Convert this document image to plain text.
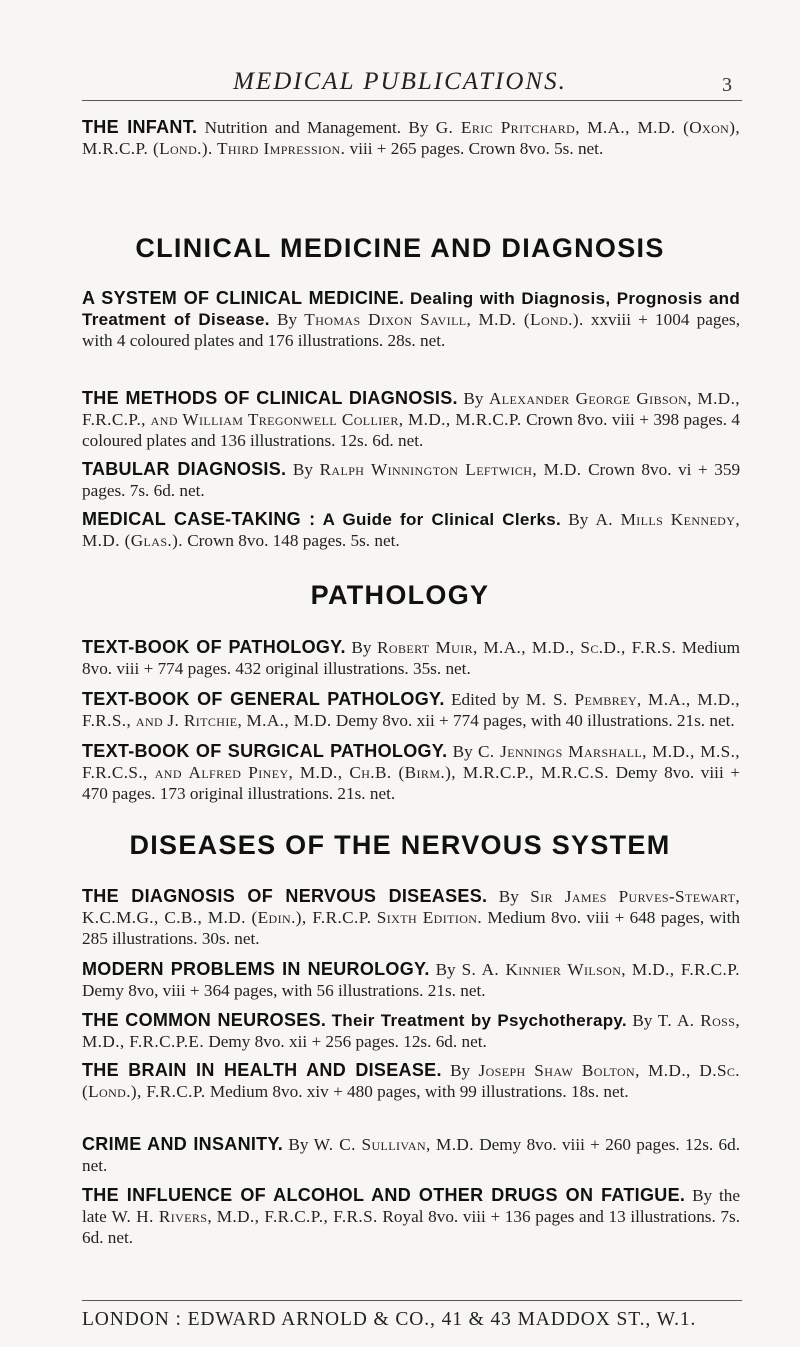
MEDICAL PUBLICATIONS.	3
THE INFANT. Nutrition and Management. By G. Eric Pritchard, M.A., M.D. (Oxon), M.R.C.P. (Lond.). Third Impression. viii + 265 pages. Crown 8vo. 5s. net.
CLINICAL MEDICINE AND DIAGNOSIS
A SYSTEM OF CLINICAL MEDICINE. Dealing with Diagnosis, Prognosis and Treatment of Disease. By Thomas Dixon Savill, M.D. (Lond.). xxviii + 1004 pages, with 4 coloured plates and 176 illustrations. 28s. net.
THE METHODS OF CLINICAL DIAGNOSIS. By Alexander George Gibson, M.D., F.R.C.P., and William Tregonwell Collier, M.D., M.R.C.P. Crown 8vo. viii + 398 pages. 4 coloured plates and 136 illustrations. 12s. 6d. net.
TABULAR DIAGNOSIS. By Ralph Winnington Leftwich, M.D. Crown 8vo. vi + 359 pages. 7s. 6d. net.
MEDICAL CASE-TAKING : A Guide for Clinical Clerks. By A. Mills Kennedy, M.D. (Glas.). Crown 8vo. 148 pages. 5s. net.
PATHOLOGY
TEXT-BOOK OF PATHOLOGY. By Robert Muir, M.A., M.D., Sc.D., F.R.S. Medium 8vo. viii + 774 pages. 432 original illustrations. 35s. net.
TEXT-BOOK OF GENERAL PATHOLOGY. Edited by M. S. Pembrey, M.A., M.D., F.R.S., and J. Ritchie, M.A., M.D. Demy 8vo. xii + 774 pages, with 40 illustrations. 21s. net.
TEXT-BOOK OF SURGICAL PATHOLOGY. By C. Jennings Marshall, M.D., M.S., F.R.C.S., and Alfred Piney, M.D., Ch.B. (Birm.), M.R.C.P., M.R.C.S. Demy 8vo. viii + 470 pages. 173 original illustrations. 21s. net.
DISEASES OF THE NERVOUS SYSTEM
THE DIAGNOSIS OF NERVOUS DISEASES. By Sir James Purves-Stewart, K.C.M.G., C.B., M.D. (Edin.), F.R.C.P. Sixth Edition. Medium 8vo. viii + 648 pages, with 285 illustrations. 30s. net.
MODERN PROBLEMS IN NEUROLOGY. By S. A. Kinnier Wilson, M.D., F.R.C.P. Demy 8vo, viii + 364 pages, with 56 illustrations. 21s. net.
THE COMMON NEUROSES. Their Treatment by Psychotherapy. By T. A. Ross, M.D., F.R.C.P.E. Demy 8vo. xii + 256 pages. 12s. 6d. net.
THE BRAIN IN HEALTH AND DISEASE. By Joseph Shaw Bolton, M.D., D.Sc. (Lond.), F.R.C.P. Medium 8vo. xiv + 480 pages, with 99 illustrations. 18s. net.
CRIME AND INSANITY. By W. C. Sullivan, M.D. Demy 8vo. viii + 260 pages. 12s. 6d. net.
THE INFLUENCE OF ALCOHOL AND OTHER DRUGS ON FATIGUE. By the late W. H. Rivers, M.D., F.R.C.P., F.R.S. Royal 8vo. viii + 136 pages and 13 illustrations. 7s. 6d. net.
LONDON : EDWARD ARNOLD & CO., 41 & 43 MADDOX ST., W.1.
